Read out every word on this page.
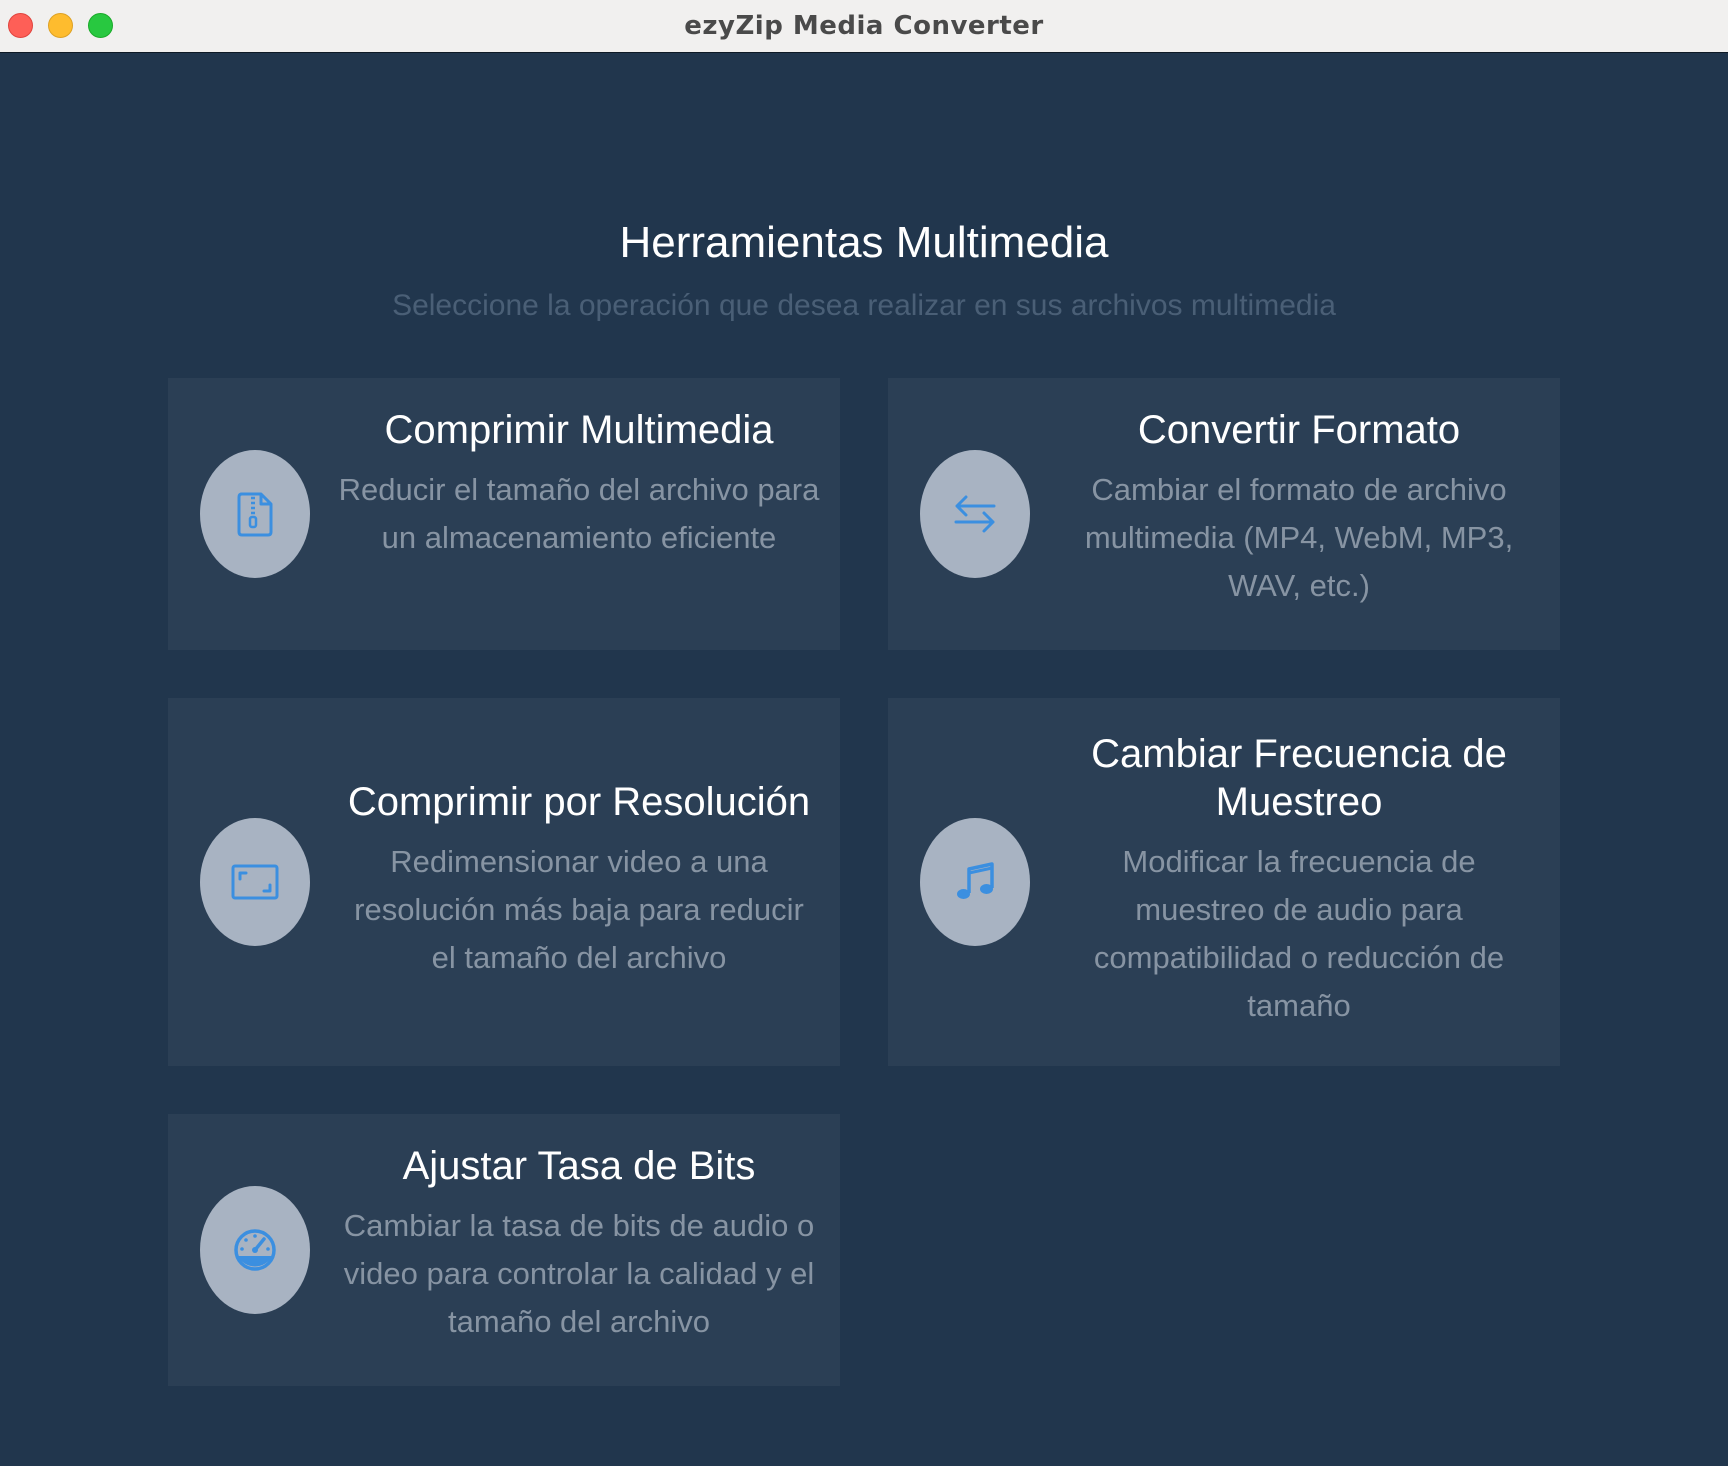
ezyZip Media Converter
Herramientas Multimedia
Seleccione la operación que desea realizar en sus archivos multimedia
Comprimir Multimedia
Reducir el tamaño del archivo para un almacenamiento eficiente
Convertir Formato
Cambiar el formato de archivo multimedia (MP4, WebM, MP3, WAV, etc.)
Comprimir por Resolución
Redimensionar video a una resolución más baja para reducir el tamaño del archivo
Cambiar Frecuencia de Muestreo
Modificar la frecuencia de muestreo de audio para compatibilidad o reducción de tamaño
Ajustar Tasa de Bits
Cambiar la tasa de bits de audio o video para controlar la calidad y el tamaño del archivo
